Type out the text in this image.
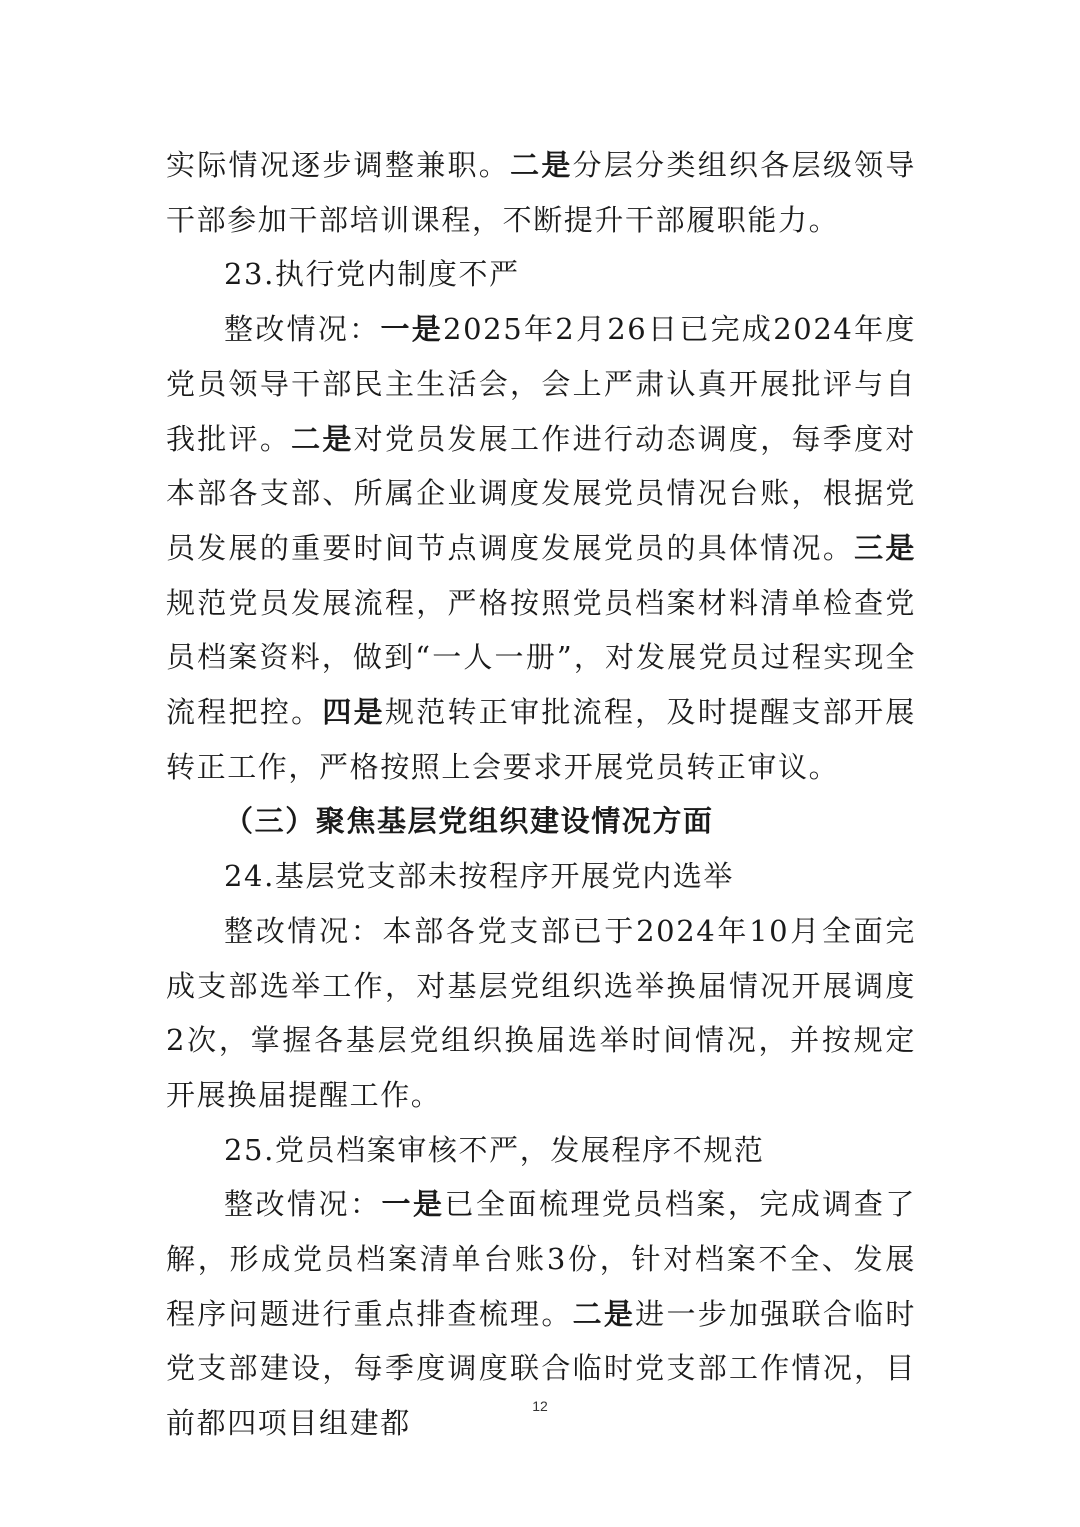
实际情况逐步调整兼职。二是分层分类组织各层级领导干部参加干部培训课程，不断提升干部履职能力。

23.执行党内制度不严

整改情况：一是2025年2月26日已完成2024年度党员领导干部民主生活会，会上严肃认真开展批评与自我批评。二是对党员发展工作进行动态调度，每季度对本部各支部、所属企业调度发展党员情况台账，根据党员发展的重要时间节点调度发展党员的具体情况。三是规范党员发展流程，严格按照党员档案材料清单检查党员档案资料，做到“一人一册”，对发展党员过程实现全流程把控。四是规范转正审批流程，及时提醒支部开展转正工作，严格按照上会要求开展党员转正审议。

（三）聚焦基层党组织建设情况方面

24.基层党支部未按程序开展党内选举

整改情况：本部各党支部已于2024年10月全面完成支部选举工作，对基层党组织选举换届情况开展调度2次，掌握各基层党组织换届选举时间情况，并按规定开展换届提醒工作。

25.党员档案审核不严，发展程序不规范

整改情况：一是已全面梳理党员档案，完成调查了解，形成党员档案清单台账3份，针对档案不全、发展程序问题进行重点排查梳理。二是进一步加强联合临时党支部建设，每季度调度联合临时党支部工作情况，目前都四项目组建都

12
